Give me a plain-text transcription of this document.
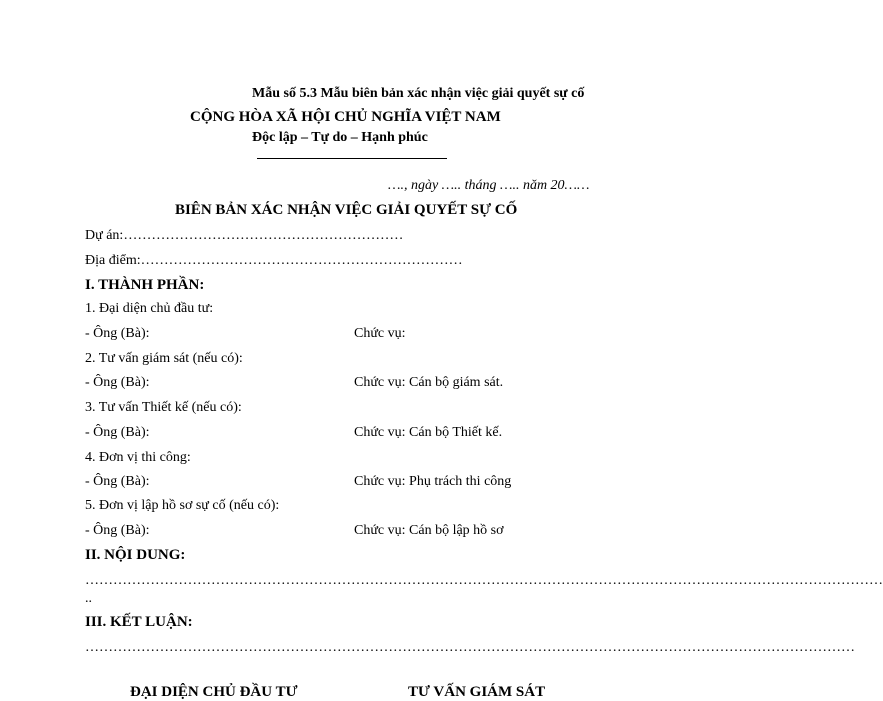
Mẫu số 5.3 Mẫu biên bản xác nhận việc giải quyết sự cố
CỘNG HÒA XÃ HỘI CHỦ NGHĨA VIỆT NAM
Độc lập – Tự do – Hạnh phúc
…., ngày ….. tháng ….. năm 20……
BIÊN BẢN XÁC NHẬN VIỆC GIẢI QUYẾT SỰ CỐ
Dự án:……………………………………………………
Địa điểm:……………………………………………………………
I. THÀNH PHẦN:
1. Đại diện chủ đầu tư:
- Ông (Bà):	Chức vụ:
2. Tư vấn giám sát (nếu có):
- Ông (Bà):	Chức vụ: Cán bộ giám sát.
3. Tư vấn Thiết kế (nếu có):
- Ông (Bà):	Chức vụ: Cán bộ Thiết kế.
4. Đơn vị thi công:
- Ông (Bà):	Chức vụ: Phụ trách thi công
5. Đơn vị lập hồ sơ sự cố (nếu có):
- Ông (Bà):	Chức vụ: Cán bộ lập hồ sơ
II. NỘI DUNG:
………………………………………………………………………………………………………………………………………………………
..
III. KẾT LUẬN:
…………………………………………………………………………………………………………………………………………………
ĐẠI DIỆN CHỦ ĐẦU TƯ	TƯ VẤN GIÁM SÁT
